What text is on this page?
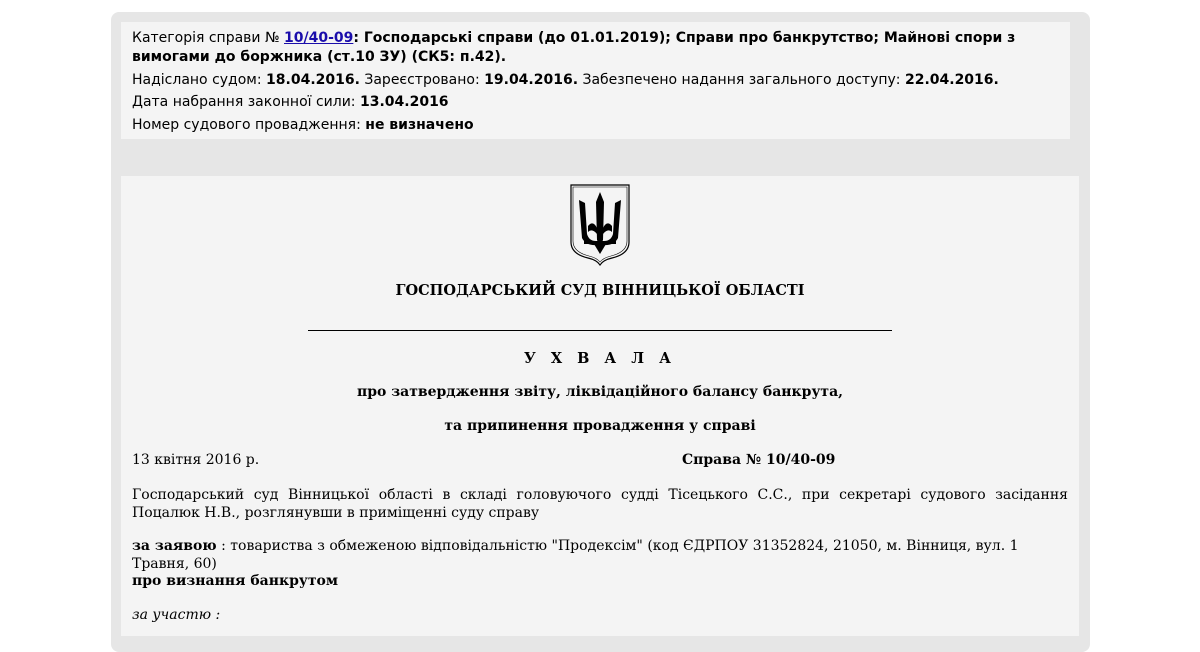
Категорія справи № 10/40-09: Господарські справи (до 01.01.2019); Справи про банкрутство; Майнові спори з вимогами до боржника (ст.10 ЗУ) (СК5: п.42).

Надіслано судом: 18.04.2016. Зареєстровано: 19.04.2016. Забезпечено надання загального доступу: 22.04.2016.

Дата набрання законної сили: 13.04.2016

Номер судового провадження: не визначено

ГОСПОДАРСЬКИЙ СУД ВІННИЦЬКОЇ ОБЛАСТІ
У Х В А Л А
про затвердження звіту, ліквідаційного балансу банкрута,
та припинення провадження у справі
13 квітня 2016 р.	Справа № 10/40-09
Господарський суд Вінницької області в складі головуючого судді Тісецького С.С., при секретарі судового засідання Поцалюк Н.В., розглянувши в приміщенні суду справу
за заявою : товариства з обмеженою відповідальністю "Продексім" (код ЄДРПОУ 31352824, 21050, м. Вінниця, вул. 1 Травня, 60)
про визнання банкрутом
за участю :
